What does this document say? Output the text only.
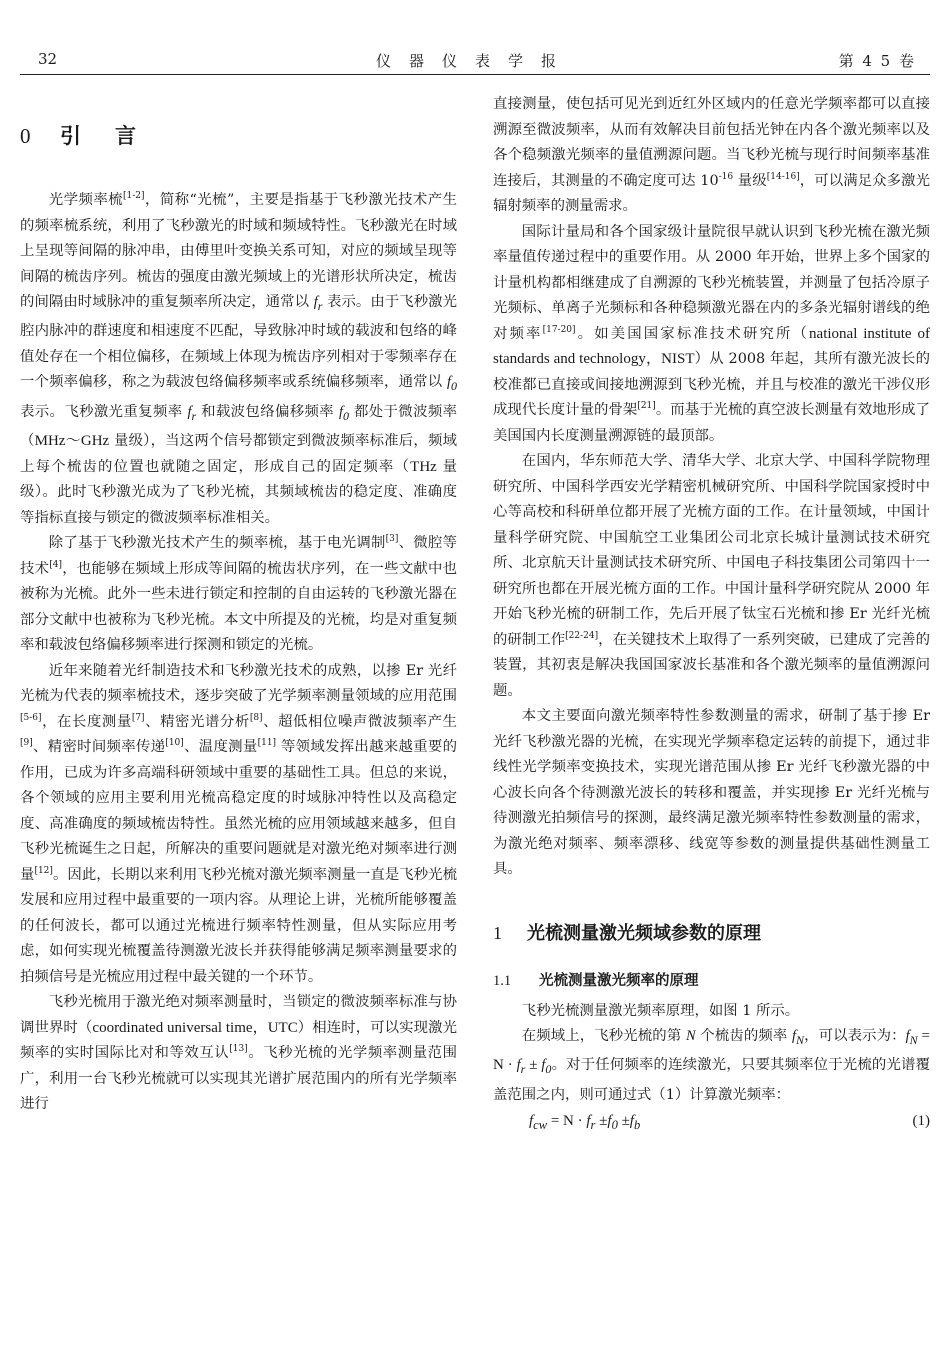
32	仪器仪表学报	第 4 5 卷
0 引言

光学频率梳[1-2]，简称“光梳”，主要是指基于飞秒激光技术产生的频率梳系统，利用了飞秒激光的时域和频域特性。飞秒激光在时域上呈现等间隔的脉冲串，由傅里叶变换关系可知，对应的频域呈现等间隔的梳齿序列。梳齿的强度由激光频域上的光谱形状所决定，梳齿的间隔由时域脉冲的重复频率所决定，通常以 $f_r$ 表示。由于飞秒激光腔内脉冲的群速度和相速度不匹配，导致脉冲时域的载波和包络的峰值处存在一个相位偏移，在频域上体现为梳齿序列相对于零频率存在一个频率偏移，称之为载波包络偏移频率或系统偏移频率，通常以 $f_0$ 表示。飞秒激光重复频率 $f_r$ 和载波包络偏移频率 $f_0$ 都处于微波频率（MHz～GHz 量级），当这两个信号都锁定到微波频率标准后，频域上每个梳齿的位置也就随之固定，形成自己的固定频率（THz 量级）。此时飞秒激光成为了飞秒光梳，其频域梳齿的稳定度、准确度等指标直接与锁定的微波频率标准相关。

除了基于飞秒激光技术产生的频率梳，基于电光调制[3]、微腔等技术[4]，也能够在频域上形成等间隔的梳齿状序列，在一些文献中也被称为光梳。此外一些未进行锁定和控制的自由运转的飞秒激光器在部分文献中也被称为飞秒光梳。本文中所提及的光梳，均是对重复频率和载波包络偏移频率进行探测和锁定的光梳。

近年来随着光纤制造技术和飞秒激光技术的成熟，以掺 Er 光纤光梳为代表的频率梳技术，逐步突破了光学频率测量领域的应用范围[5-6]，在长度测量[7]、精密光谱分析[8]、超低相位噪声微波频率产生[9]、精密时间频率传递[10]、温度测量[11] 等领域发挥出越来越重要的作用，已成为许多高端科研领域中重要的基础性工具。但总的来说，各个领域的应用主要利用光梳高稳定度的时域脉冲特性以及高稳定度、高准确度的频域梳齿特性。虽然光梳的应用领域越来越多，但自飞秒光梳诞生之日起，所解决的重要问题就是对激光绝对频率进行测量[12]。因此，长期以来利用飞秒光梳对激光频率测量一直是飞秒光梳发展和应用过程中最重要的一项内容。从理论上讲，光梳所能够覆盖的任何波长，都可以通过光梳进行频率特性测量，但从实际应用考虑，如何实现光梳覆盖待测激光波长并获得能够满足频率测量要求的拍频信号是光梳应用过程中最关键的一个环节。

飞秒光梳用于激光绝对频率测量时，当锁定的微波频率标准与协调世界时（coordinated universal time，UTC）相连时，可以实现激光频率的实时国际比对和等效互认[13]。飞秒光梳的光学频率测量范围广，利用一台飞秒光梳就可以实现其光谱扩展范围内的所有光学频率进行

直接测量，使包括可见光到近红外区域内的任意光学频率都可以直接溯源至微波频率，从而有效解决目前包括光钟在内各个激光频率以及各个稳频激光频率的量值溯源问题。当飞秒光梳与现行时间频率基准连接后，其测量的不确定度可达 $10^{-16}$ 量级[14-16]，可以满足众多激光辐射频率的测量需求。

国际计量局和各个国家级计量院很早就认识到飞秒光梳在激光频率量值传递过程中的重要作用。从 2000 年开始，世界上多个国家的计量机构都相继建成了自溯源的飞秒光梳装置，并测量了包括冷原子光频标、单离子光频标和各种稳频激光器在内的多条光辐射谱线的绝对频率[17-20]。如美国国家标准技术研究所（national institute of standards and technology，NIST）从 2008 年起，其所有激光波长的校准都已直接或间接地溯源到飞秒光梳，并且与校准的激光干涉仪形成现代长度计量的骨架[21]。而基于光梳的真空波长测量有效地形成了美国国内长度测量溯源链的最顶部。

在国内，华东师范大学、清华大学、北京大学、中国科学院物理研究所、中国科学西安光学精密机械研究所、中国科学院国家授时中心等高校和科研单位都开展了光梳方面的工作。在计量领域，中国计量科学研究院、中国航空工业集团公司北京长城计量测试技术研究所、北京航天计量测试技术研究所、中国电子科技集团公司第四十一研究所也都在开展光梳方面的工作。中国计量科学研究院从 2000 年开始飞秒光梳的研制工作，先后开展了钛宝石光梳和掺 Er 光纤光梳的研制工作[22-24]，在关键技术上取得了一系列突破，已建成了完善的装置，其初衷是解决我国国家波长基准和各个激光频率的量值溯源问题。

本文主要面向激光频率特性参数测量的需求，研制了基于掺 Er 光纤飞秒激光器的光梳，在实现光学频率稳定运转的前提下，通过非线性光学频率变换技术，实现光谱范围从掺 Er 光纤飞秒激光器的中心波长向各个待测激光波长的转移和覆盖，并实现掺 Er 光纤光梳与待测激光拍频信号的探测，最终满足激光频率特性参数测量的需求，为激光绝对频率、频率漂移、线宽等参数的测量提供基础性测量工具。

1 光梳测量激光频域参数的原理
1.1 光梳测量激光频率的原理

飞秒光梳测量激光频率原理，如图 1 所示。

在频域上，飞秒光梳的第 N 个梳齿的频率 $f_N$，可以表示为：$f_N = N \cdot f_r \pm f_0$。对于任何频率的连续激光，只要其频率位于光梳的光谱覆盖范围之内，则可通过式（1）计算激光频率：

$f_{cw} = N \cdot f_r \pm f_0 \pm f_b$	(1)
